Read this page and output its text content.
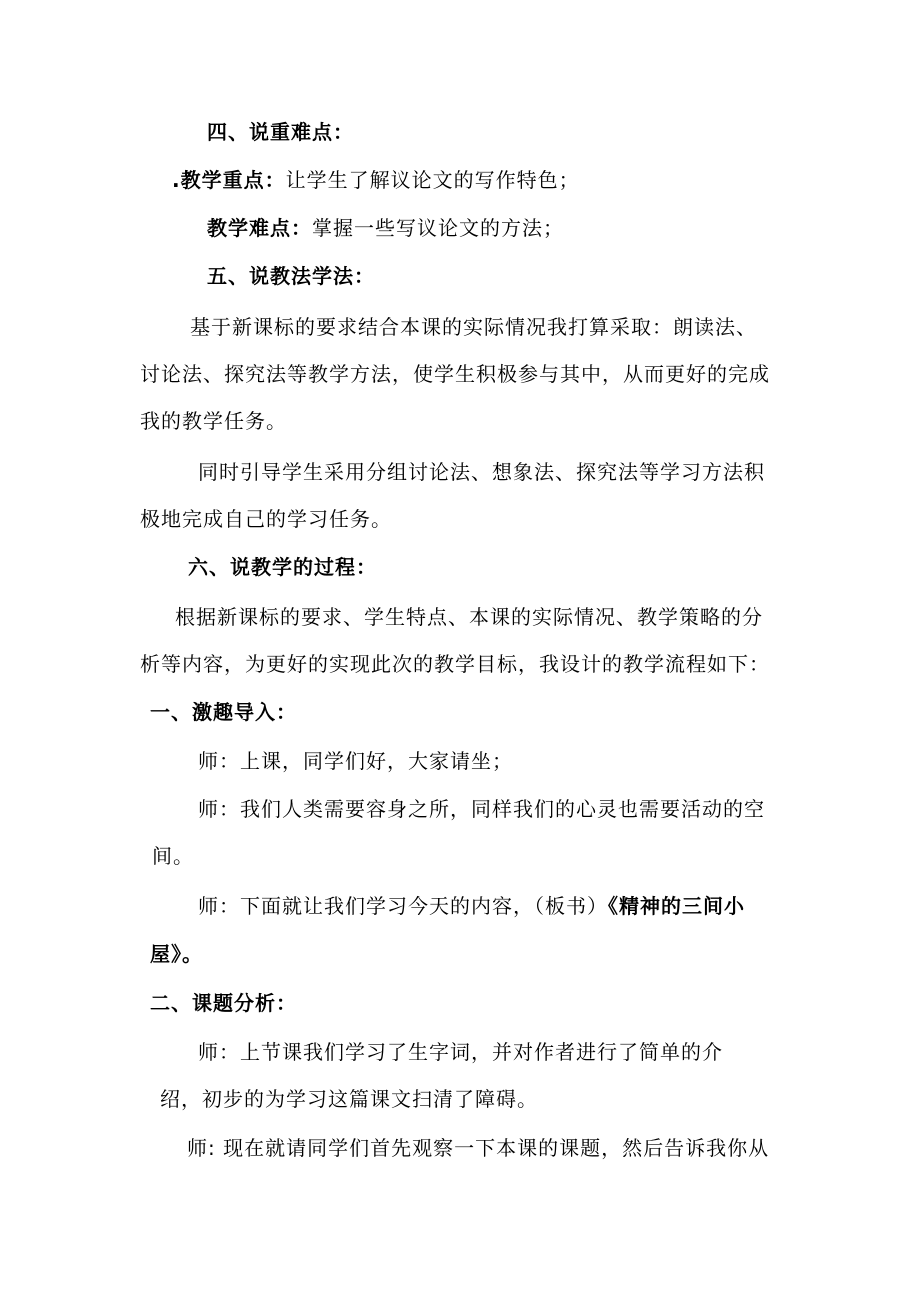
四、说重难点：
.教学重点：让学生了解议论文的写作特色；
教学难点：掌握一些写议论文的方法；
五、说教法学法：
基于新课标的要求结合本课的实际情况我打算采取：朗读法、
讨论法、探究法等教学方法，使学生积极参与其中，从而更好的完成
我的教学任务。
同时引导学生采用分组讨论法、想象法、探究法等学习方法积
极地完成自己的学习任务。
六、说教学的过程：
根据新课标的要求、学生特点、本课的实际情况、教学策略的分
析等内容，为更好的实现此次的教学目标，我设计的教学流程如下：
一、激趣导入：
师：上课，同学们好，大家请坐；
师：我们人类需要容身之所，同样我们的心灵也需要活动的空
间。
师：下面就让我们学习今天的内容，（板书）《精神的三间小
屋》。
二、课题分析：
师：上节课我们学习了生字词，并对作者进行了简单的介
绍，初步的为学习这篇课文扫清了障碍。
师: 现在就请同学们首先观察一下本课的课题，然后告诉我你从
